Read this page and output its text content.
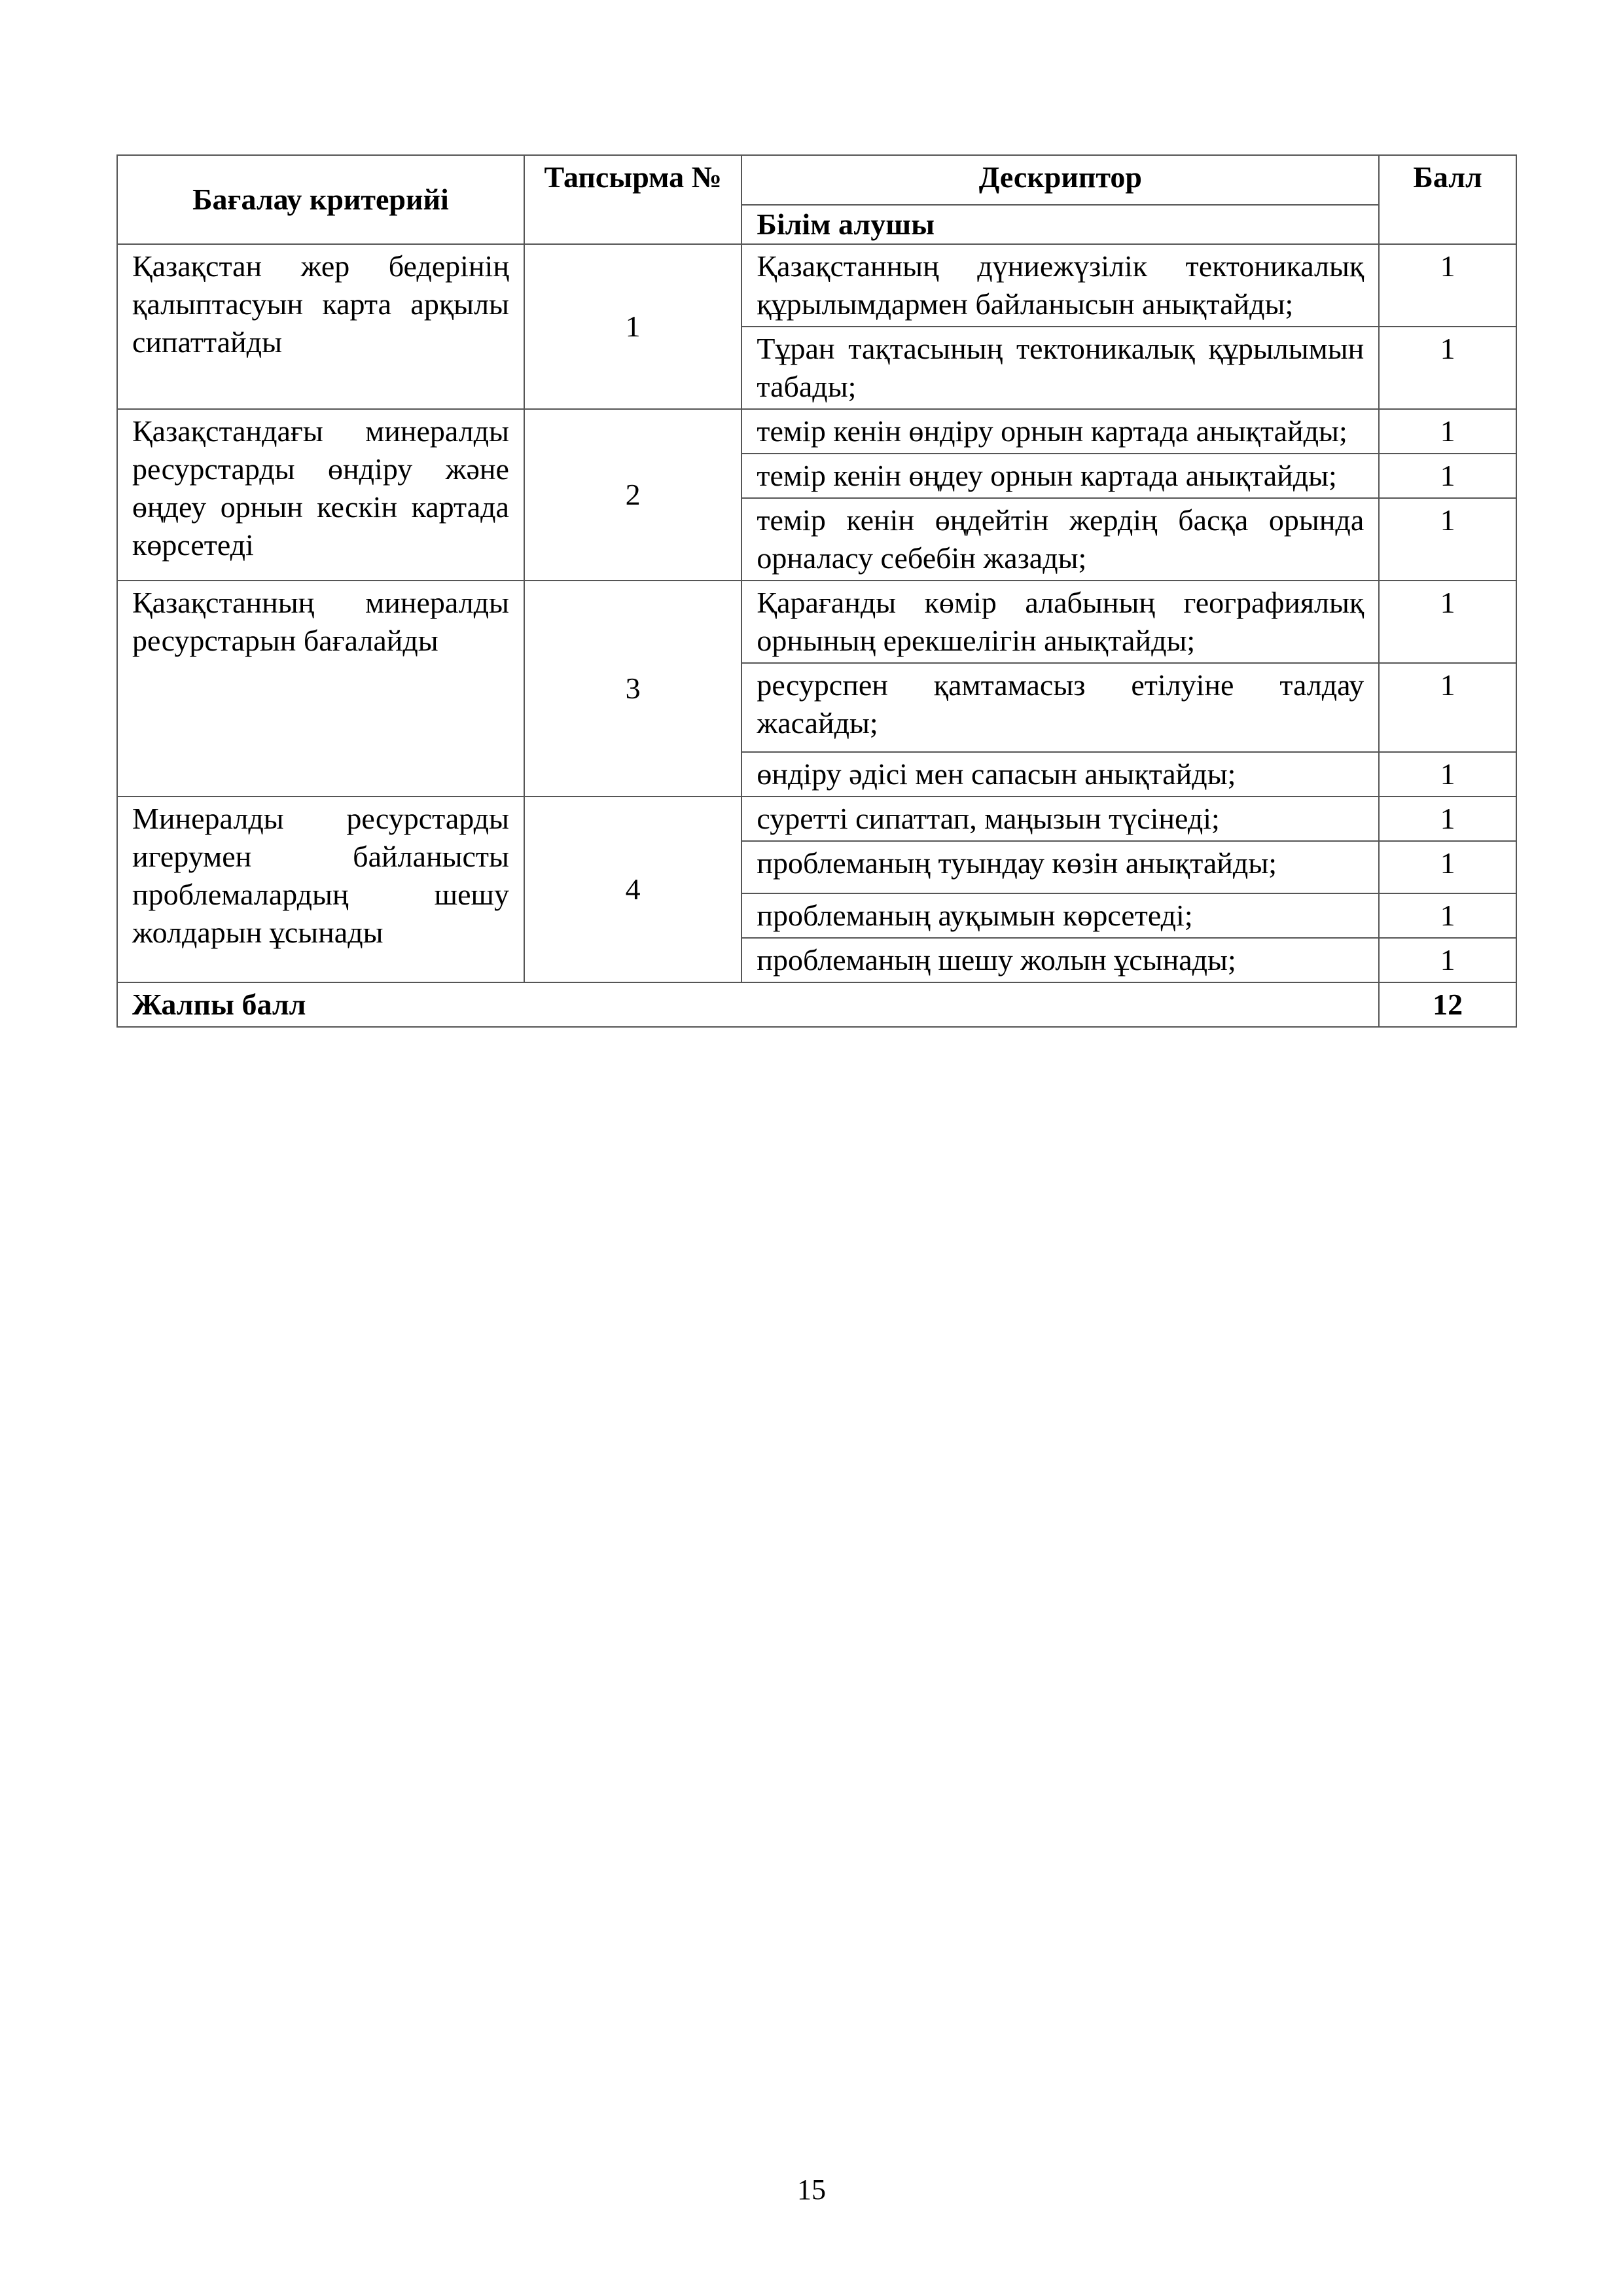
Бағалау критерийі	Тапсырма №	Дескриптор	Балл
		Білім алушы	
Қазақстан жер бедерінің қалыптасуын карта арқылы сипаттайды	1	Қазақстанның дүниежүзілік тектоникалық құрылымдармен байланысын анықтайды;	1
		Тұран тақтасының тектоникалық құрылымын табады;	1
Қазақстандағы минералды ресурстарды өндіру және өңдеу орнын кескін картада көрсетеді	2	темір кенін өндіру орнын картада анықтайды;	1
		темір кенін өңдеу орнын картада анықтайды;	1
		темір кенін өңдейтін жердің басқа орында орналасу себебін жазады;	1
Қазақстанның минералды ресурстарын бағалайды	3	Қарағанды көмір алабының географиялық орнының ерекшелігін анықтайды;	1
		ресурспен қамтамасыз етілуіне талдау жасайды;	1
		өндіру әдісі мен сапасын анықтайды;	1
Минералды ресурстарды игерумен байланысты проблемалардың шешу жолдарын ұсынады	4	суретті сипаттап, маңызын түсінеді;	1
		проблеманың туындау көзін анықтайды;	1
		проблеманың ауқымын көрсетеді;	1
		проблеманың шешу жолын ұсынады;	1
Жалпы балл			12
15
